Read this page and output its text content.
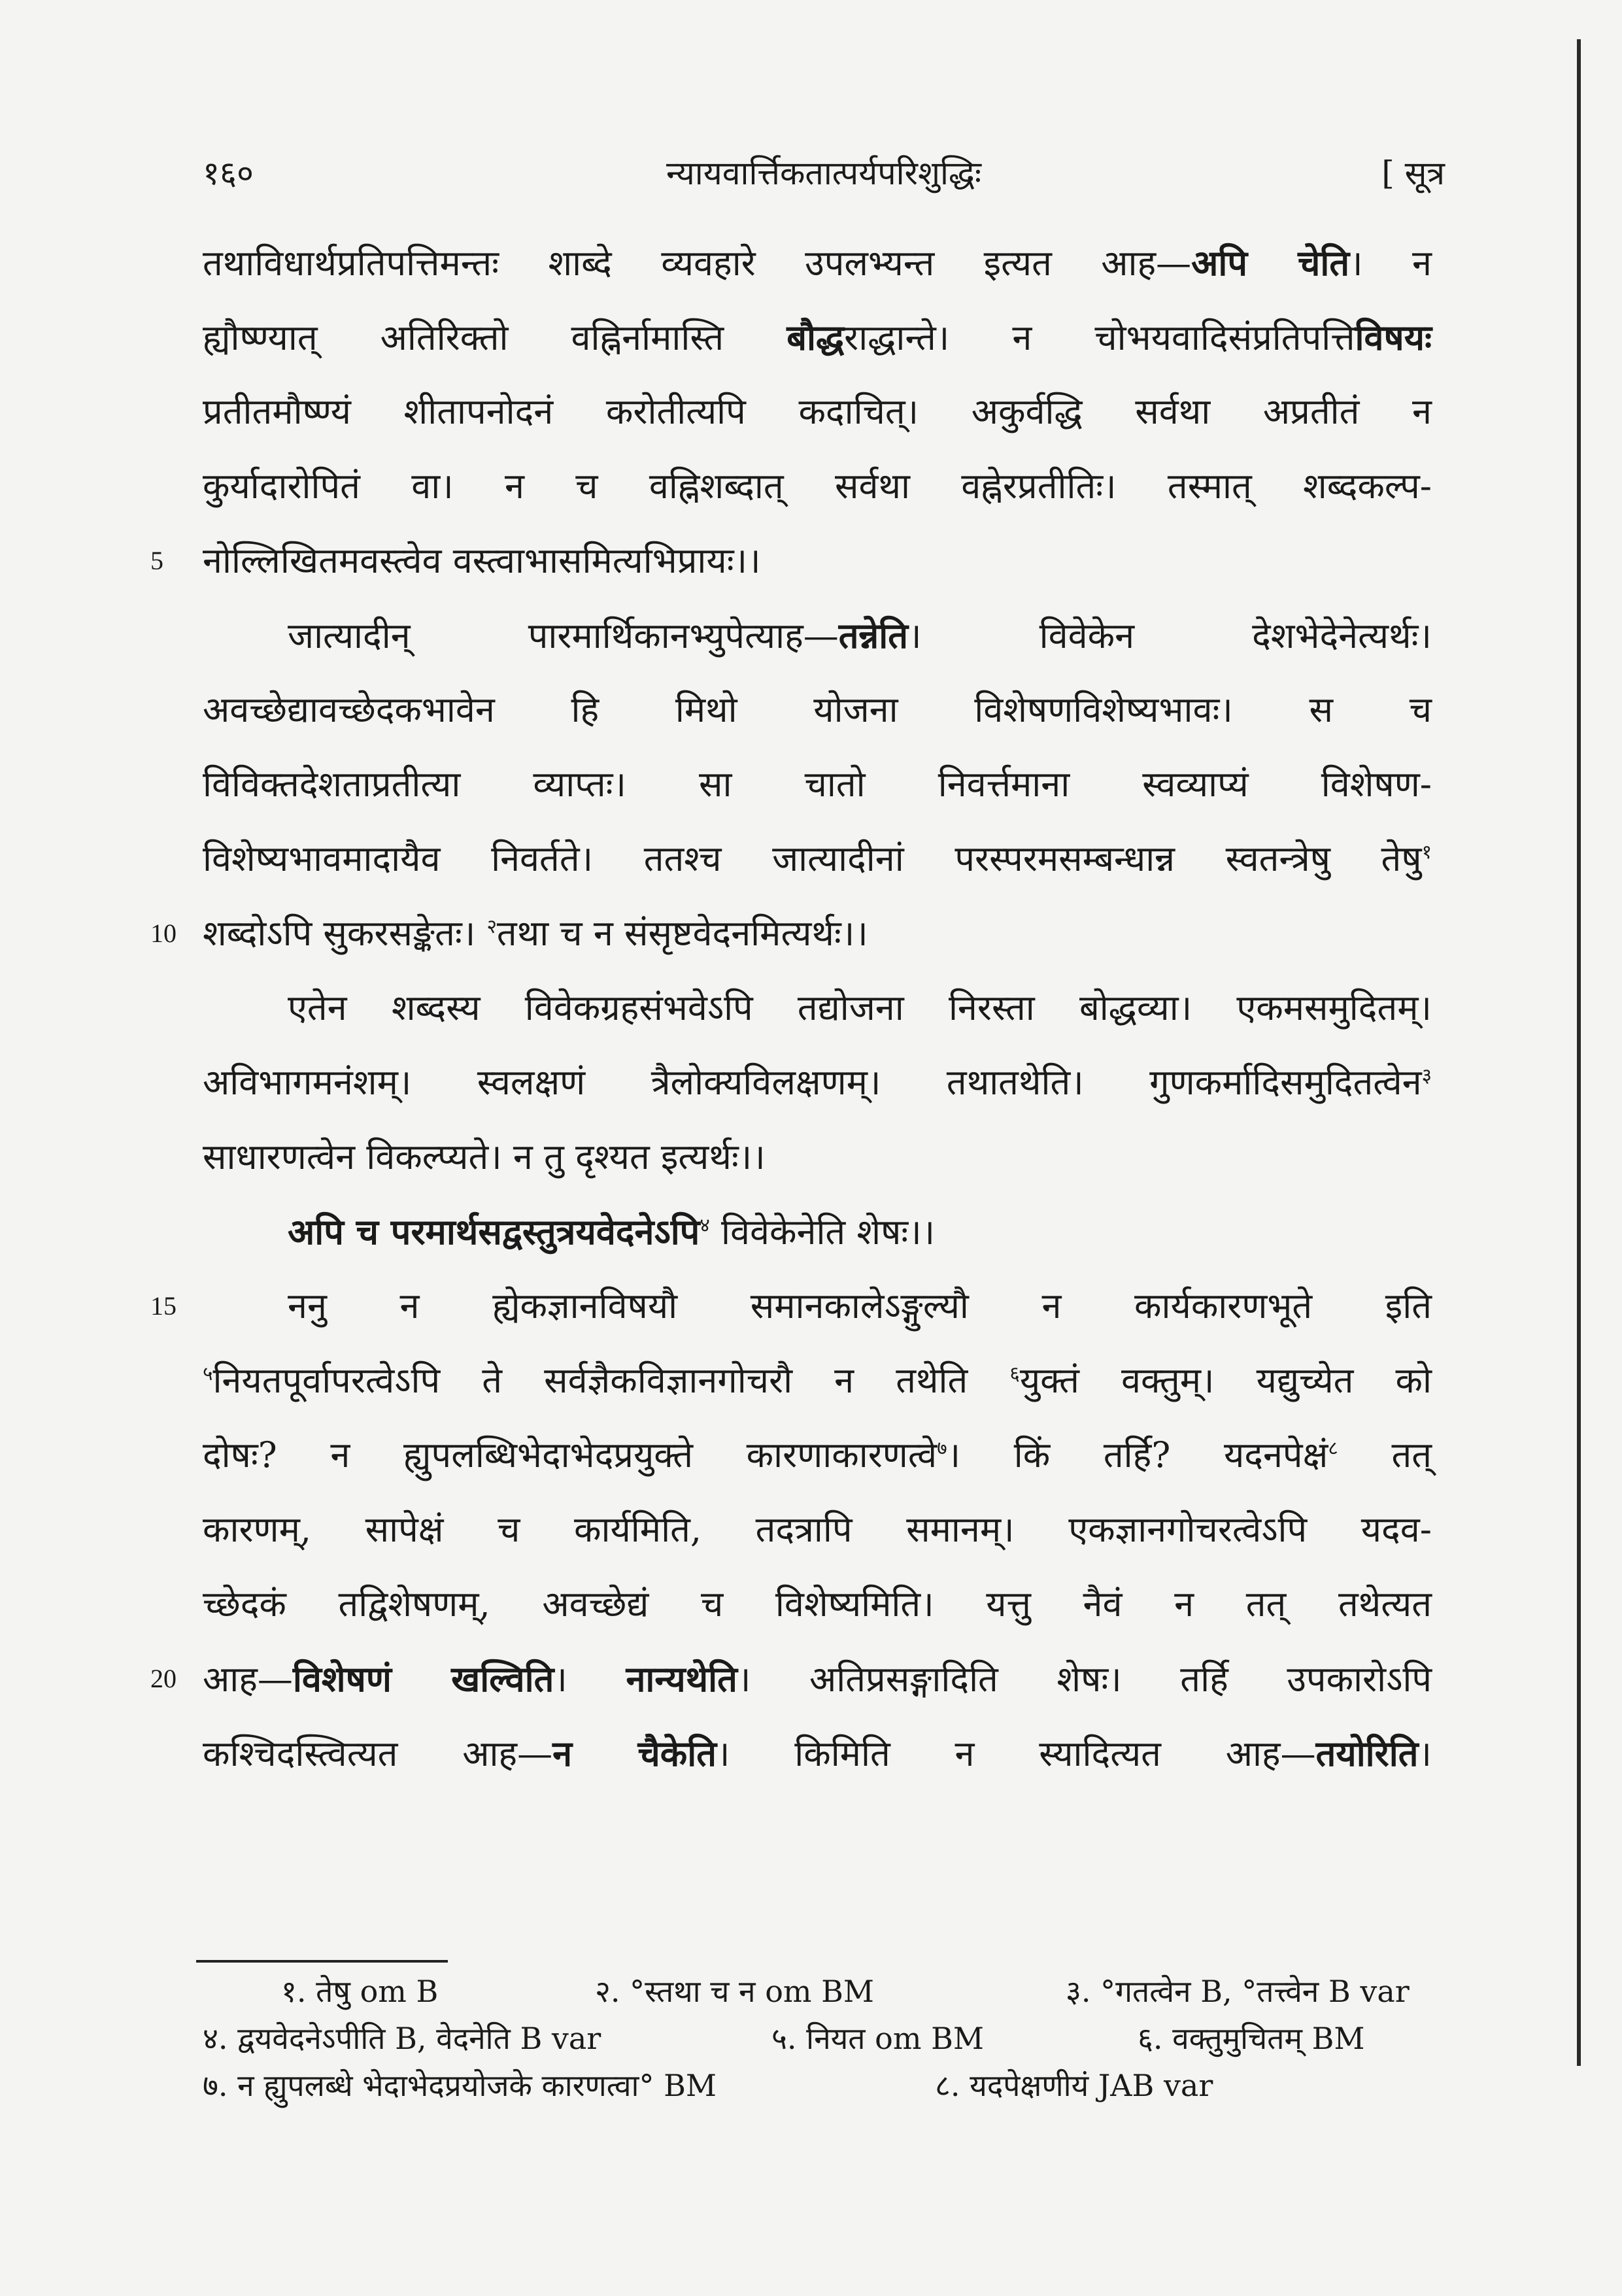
१६०	न्यायवार्त्तिकतात्पर्यपरिशुद्धिः	[ सूत्र
तथाविधार्थप्रतिपत्तिमन्तः शाब्दे व्यवहारे उपलभ्यन्त इत्यत आह—अपि चेति। न
ह्यौष्ण्यात् अतिरिक्तो वह्निर्नामास्ति बौद्धराद्धान्ते। न चोभयवादिसंप्रतिपत्तिविषयः
प्रतीतमौष्ण्यं शीतापनोदनं करोतीत्यपि कदाचित्। अकुर्वद्धि सर्वथा अप्रतीतं न
कुर्यादारोपितं वा। न च वह्निशब्दात् सर्वथा वह्नेरप्रतीतिः। तस्मात् शब्दकल्प-
5 नोल्लिखितमवस्त्वेव वस्त्वाभासमित्यभिप्रायः।।
जात्यादीन् पारमार्थिकानभ्युपेत्याह—तन्नेति। विवेकेन देशभेदेनेत्यर्थः।
अवच्छेद्यावच्छेदकभावेन हि मिथो योजना विशेषणविशेष्यभावः। स च
विविक्तदेशताप्रतीत्या व्याप्तः। सा चातो निवर्त्तमाना स्वव्याप्यं विशेषण-
विशेष्यभावमादायैव निवर्तते। ततश्च जात्यादीनां परस्परमसम्बन्धान्न स्वतन्त्रेषु तेषु$^१$
10 शब्दोऽपि सुकरसङ्केतः। $^२$तथा च न संसृष्टवेदनमित्यर्थः।।
एतेन शब्दस्य विवेकग्रहसंभवेऽपि तद्योजना निरस्ता बोद्धव्या। एकमसमुदितम्।
अविभागमनंशम्। स्वलक्षणं त्रैलोक्यविलक्षणम्। तथातथेति। गुणकर्मादिसमुदितत्वेन$^३$
साधारणत्वेन विकल्प्यते। न तु दृश्यत इत्यर्थः।।
अपि च परमार्थसद्वस्तुत्रयवेदनेऽपि$^४$ विवेकेनेति शेषः।।
15	ननु न ह्येकज्ञानविषयौ समानकालेऽङ्गुल्यौ न कार्यकारणभूते इति
$^५$नियतपूर्वापरत्वेऽपि ते सर्वज्ञैकविज्ञानगोचरौ न तथेति $^६$युक्तं वक्तुम्। यद्युच्येत को
दोषः? न ह्युपलब्धिभेदाभेदप्रयुक्ते कारणाकारणत्वे$^७$। किं तर्हि? यदनपेक्षं$^८$ तत्
कारणम्, सापेक्षं च कार्यमिति, तदत्रापि समानम्। एकज्ञानगोचरत्वेऽपि यदव-
च्छेदकं तद्विशेषणम्, अवच्छेद्यं च विशेष्यमिति। यत्तु नैवं न तत् तथेत्यत
20 आह—विशेषणं खल्विति। नान्यथेति। अतिप्रसङ्गादिति शेषः। तर्हि उपकारोऽपि
कश्चिदस्त्वित्यत आह—न चैकेति। किमिति न स्यादित्यत आह—तयोरिति।
१. तेषु om B	२. °स्तथा च न om BM	३. °गतत्वेन B, °तत्त्वेन B var
४. द्वयवेदनेऽपीति B, वेदनेति B var	५. नियत om BM	६. वक्तुमुचितम् BM
७. न ह्युपलब्धे भेदाभेदप्रयोजके कारणत्वा° BM	८. यदपेक्षणीयं JAB var
